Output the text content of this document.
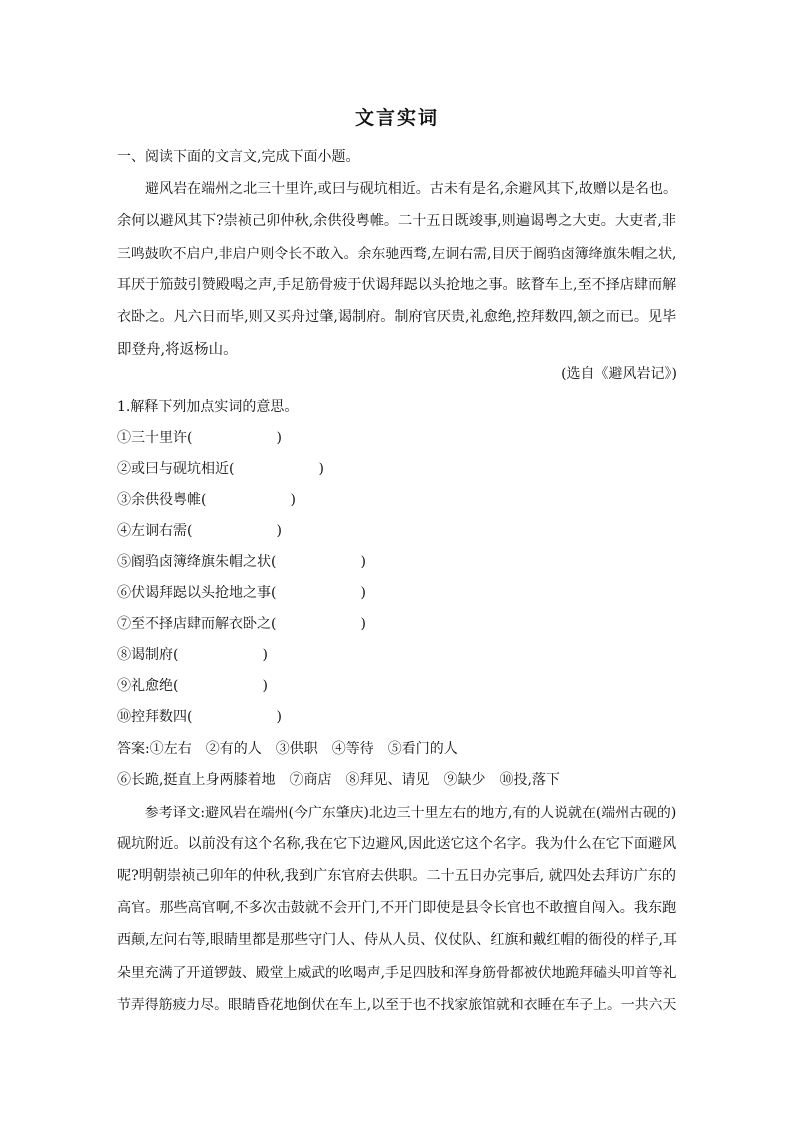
文言实词
一、阅读下面的文言文,完成下面小题。
　　避风岩在端州之北三十里许,或曰与砚坑相近。古未有是名,余避风其下,故赠以是名也。
余何以避风其下?崇祯己卯仲秋,余供役粤帷。二十五日既竣事,则遍谒粤之大吏。大吏者,非
三鸣鼓吹不启户,非启户则令长不敢入。余东驰西骛,左诇右需,目厌于阍驺卤簿绛旗朱帽之状,
耳厌于笳鼓引赞殿喝之声,手足筋骨疲于伏谒拜跽以头抢地之事。眩瞀车上,至不择店肆而解
衣卧之。凡六日而毕,则又买舟过肇,谒制府。制府官厌贵,礼愈绝,控拜数四,颔之而已。见毕
即登舟,将返杨山。
(选自《避风岩记》)
1.解释下列加点实词的意思。
①三十里许(　　　　　　)
②或曰与砚坑相近(　　　　　　)
③余供役粤帷(　　　　　　)
④左诇右需(　　　　　　)
⑤阍驺卤簿绛旗朱帽之状(　　　　　　)
⑥伏谒拜跽以头抢地之事(　　　　　　)
⑦至不择店肆而解衣卧之(　　　　　　)
⑧谒制府(　　　　　　)
⑨礼愈绝(　　　　　　)
⑩控拜数四(　　　　　　)
答案:①左右 ②有的人 ③供职 ④等待 ⑤看门的人
⑥长跪,挺直上身两膝着地 ⑦商店 ⑧拜见、请见 ⑨缺少 ⑩投,落下
　　参考译文:避风岩在端州(今广东肇庆)北边三十里左右的地方,有的人说就在(端州古砚的)
砚坑附近。以前没有这个名称,我在它下边避风,因此送它这个名字。我为什么在它下面避风
呢?明朝崇祯己卯年的仲秋,我到广东官府去供职。二十五日办完事后, 就四处去拜访广东的
高官。那些高官啊,不多次击鼓就不会开门,不开门即使是县令长官也不敢擅自闯入。我东跑
西颠,左问右等,眼睛里都是那些守门人、侍从人员、仪仗队、红旗和戴红帽的衙役的样子,耳
朵里充满了开道锣鼓、殿堂上威武的吆喝声,手足四肢和浑身筋骨都被伏地跪拜磕头叩首等礼
节弄得筋疲力尽。眼睛昏花地倒伏在车上,以至于也不找家旅馆就和衣睡在车子上。一共六天
